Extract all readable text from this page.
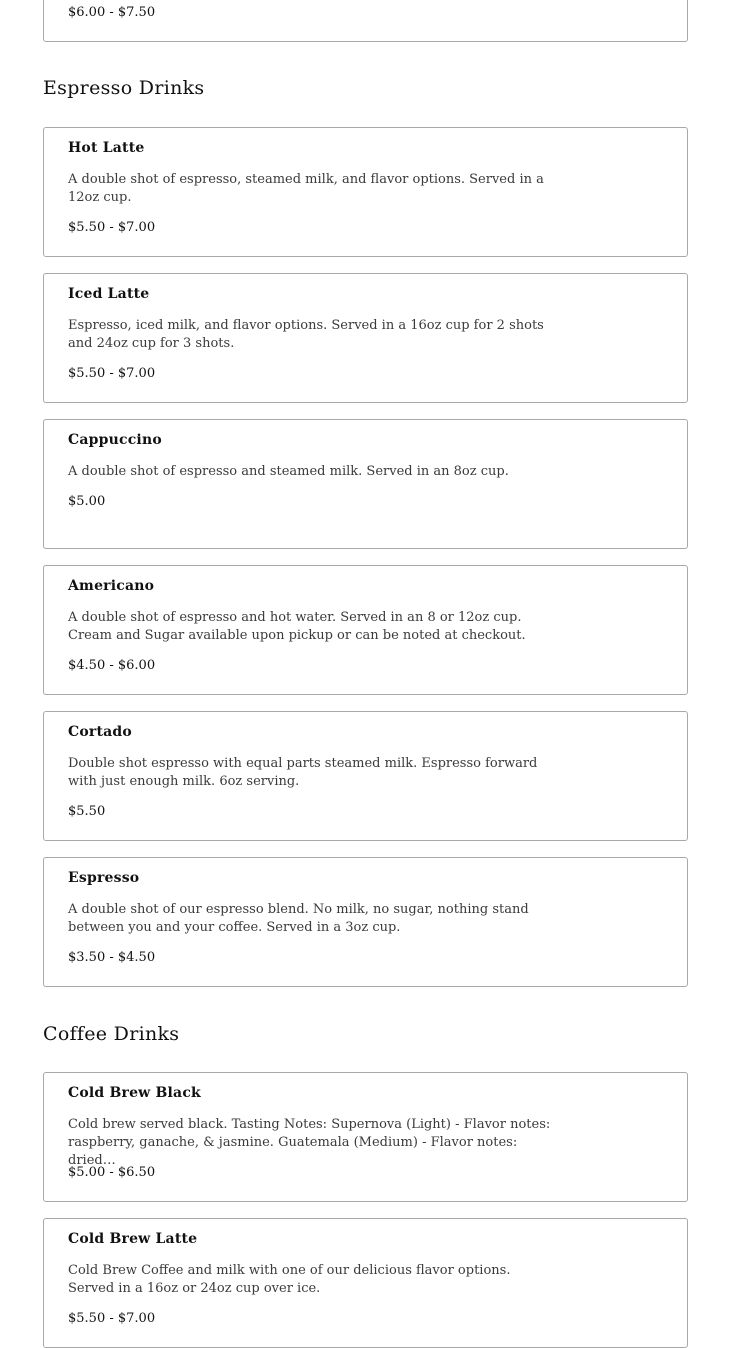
$6.00 - $7.50
Espresso Drinks
Hot Latte
A double shot of espresso, steamed milk, and flavor options. Served in a 12oz cup.
$5.50 - $7.00
Iced Latte
Espresso, iced milk, and flavor options. Served in a 16oz cup for 2 shots and 24oz cup for 3 shots.
$5.50 - $7.00
Cappuccino
A double shot of espresso and steamed milk. Served in an 8oz cup.
$5.00
Americano
A double shot of espresso and hot water. Served in an 8 or 12oz cup. Cream and Sugar available upon pickup or can be noted at checkout.
$4.50 - $6.00
Cortado
Double shot espresso with equal parts steamed milk. Espresso forward with just enough milk. 6oz serving.
$5.50
Espresso
A double shot of our espresso blend. No milk, no sugar, nothing stand between you and your coffee. Served in a 3oz cup.
$3.50 - $4.50
Coffee Drinks
Cold Brew Black
Cold brew served black. Tasting Notes: Supernova (Light) - Flavor notes: raspberry, ganache, & jasmine. Guatemala (Medium) - Flavor notes: dried…
$5.00 - $6.50
Cold Brew Latte
Cold Brew Coffee and milk with one of our delicious flavor options. Served in a 16oz or 24oz cup over ice.
$5.50 - $7.00
